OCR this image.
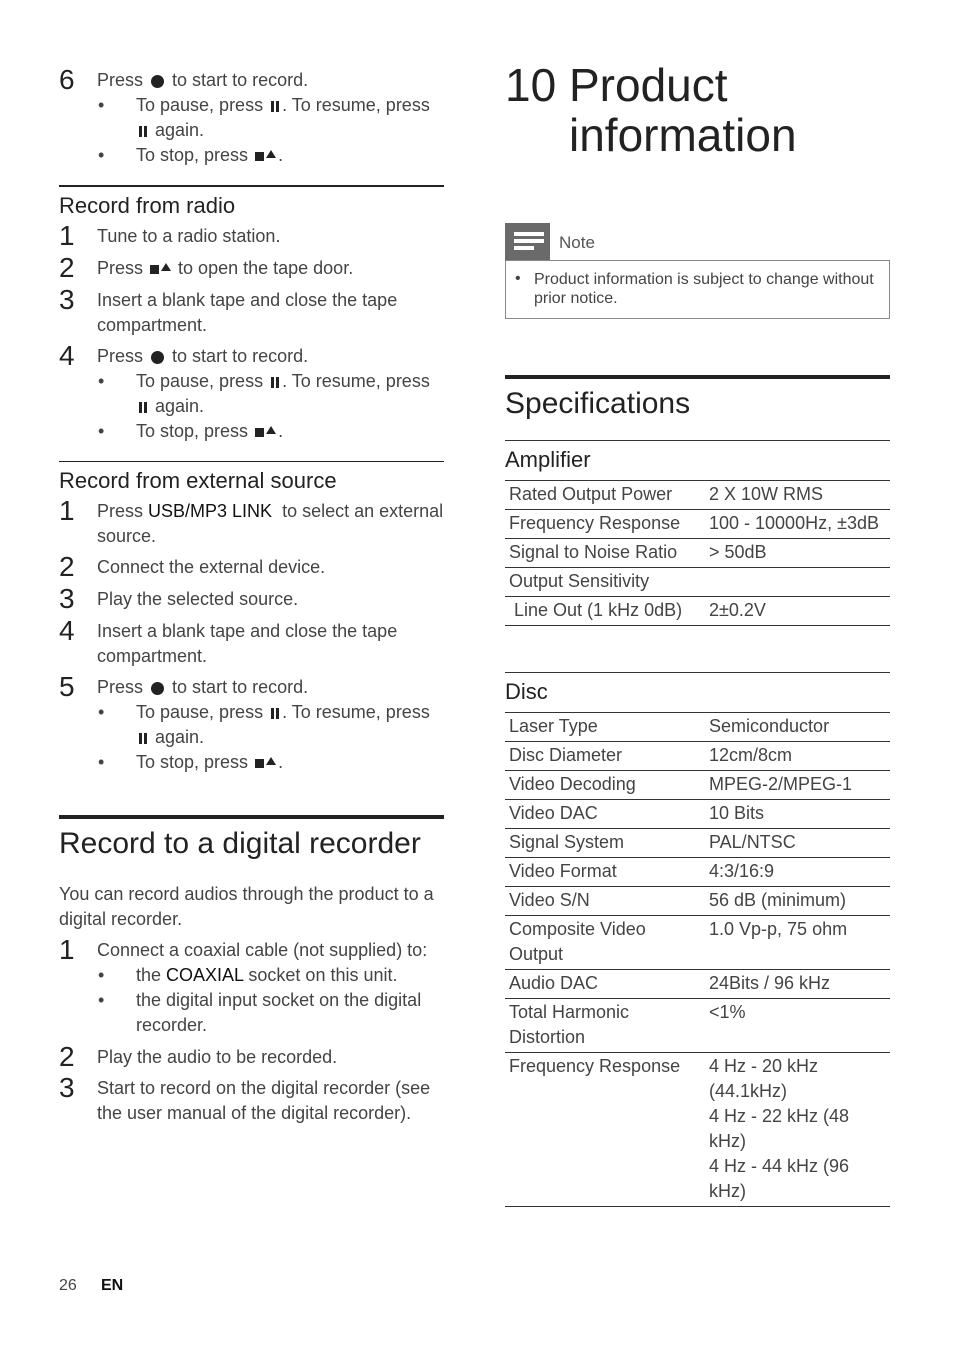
6 Press to start to record.
• To pause, press . To resume, press  again.
• To stop, press .
Record from radio
1 Tune to a radio station.
2 Press to open the tape door.
3 Insert a blank tape and close the tape compartment.
4 Press to start to record.
• To pause, press . To resume, press  again.
• To stop, press .
Record from external source
1 Press USB/MP3 LINK  to select an external source.
2 Connect the external device.
3 Play the selected source.
4 Insert a blank tape and close the tape compartment.
5 Press to start to record.
• To pause, press . To resume, press  again.
• To stop, press .
Record to a digital recorder
You can record audios through the product to a digital recorder.
1 Connect a coaxial cable (not supplied) to:
• the COAXIAL socket on this unit.
• the digital input socket on the digital recorder.
2 Play the audio to be recorded.
3 Start to record on the digital recorder (see the user manual of the digital recorder).
10 Product
information
Note
• Product information is subject to change without prior notice.
Specifications
Amplifier
Rated Output Power	2 X 10W RMS
Frequency Response	100 - 10000Hz, ±3dB
Signal to Noise Ratio	> 50dB
Output Sensitivity	
Line Out (1 kHz 0dB)	2±0.2V
Disc
Laser Type	Semiconductor
Disc Diameter	12cm/8cm
Video Decoding	MPEG-2/MPEG-1
Video DAC	10 Bits
Signal System	PAL/NTSC
Video Format	4:3/16:9
Video S/N	56 dB (minimum)
Composite Video Output	1.0 Vp-p, 75 ohm
Audio DAC	24Bits / 96 kHz
Total Harmonic Distortion	<1%
Frequency Response	4 Hz - 20 kHz (44.1kHz)
4 Hz - 22 kHz (48 kHz)
4 Hz - 44 kHz (96 kHz)
26 EN
